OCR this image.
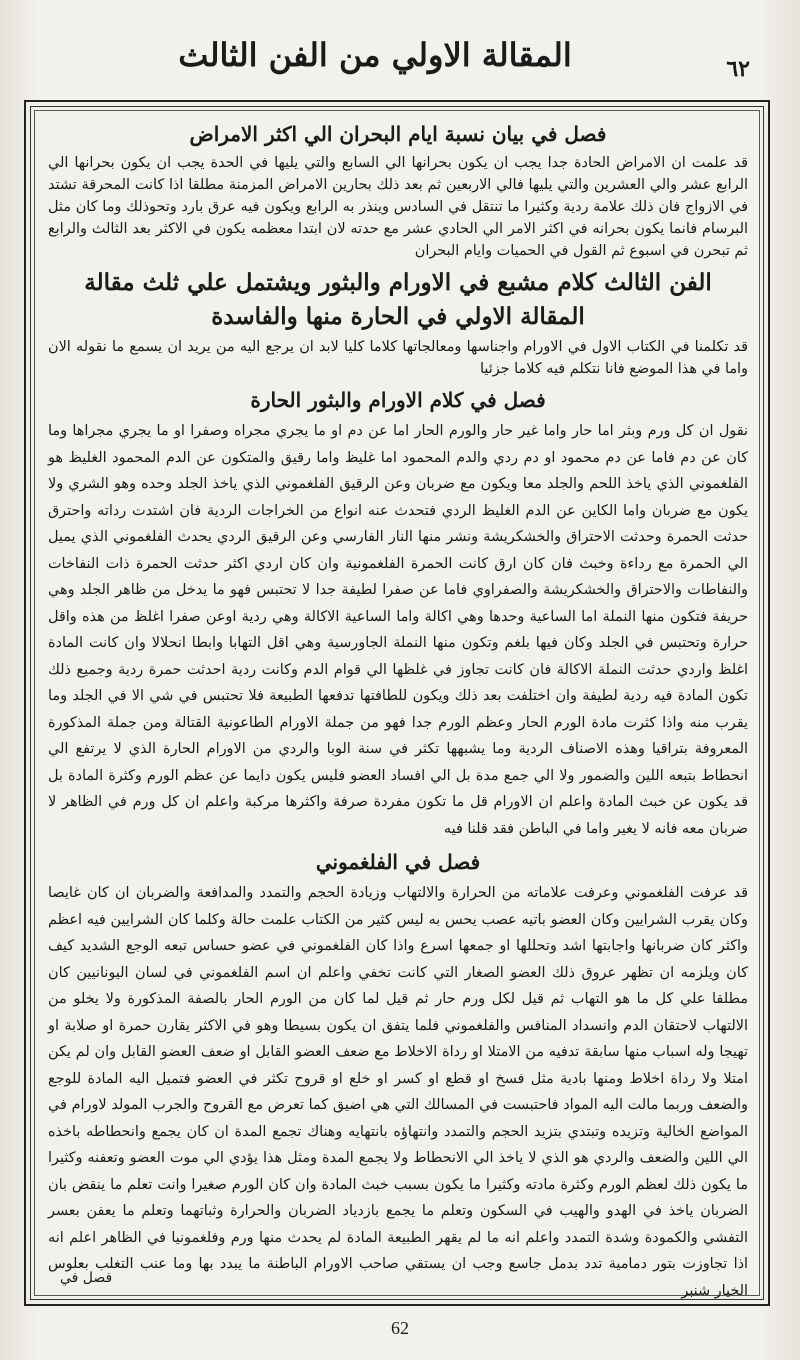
المقالة الاولي من الفن الثالث	٦٢
فصل في بيان نسبة ايام البحران الي اكثر الامراض

قد علمت ان الامراض الحادة جدا يجب ان يكون بحرانها الي السابع والتي يليها في الحدة يجب ان يكون بحرانها الي الرابع عشر والي العشرين والتي يليها فالي الاربعين ثم بعد ذلك بحارين الامراض المزمنة مطلقا اذا كانت المحرقة تشتد في الازواج فان ذلك علامة ردية وكثيرا ما تنتقل في السادس وينذر به الرابع ويكون فيه عرق بارد وتحوذلك وما كان مثل البرسام فانما يكون بحرانه في اكثر الامر الي الحادي عشر مع حدته لان ابتدا معظمه يكون في الاكثر بعد الثالث والرابع ثم تبحرن في اسبوع ثم القول في الحميات وايام البحران

الفن الثالث كلام مشبع في الاورام والبثور ويشتمل علي ثلث مقالة
المقالة الاولي في الحارة منها والفاسدة

قد تكلمنا في الكتاب الاول في الاورام واجناسها ومعالجاتها كلاما كليا لابد ان يرجع اليه من يريد ان يسمع ما نقوله الان واما في هذا الموضع فانا نتكلم فيه كلاما جزئيا

فصل في كلام الاورام والبثور الحارة

نقول ان كل ورم وبثر اما حار واما غير حار والورم الحار اما عن دم او ما يجري مجراه وصفرا او ما يجري مجراها وما كان عن دم فاما عن دم محمود او دم ردي والدم المحمود اما غليظ واما رقيق والمتكون عن الدم المحمود الغليظ هو الفلغموني الذي ياخذ اللحم والجلد معا ويكون مع ضربان وعن الرقيق الفلغموني الذي ياخذ الجلد وحده وهو الشري ولا يكون مع ضربان واما الكاين عن الدم الغليظ الردي فتحدث عنه انواع من الخراجات الردية فان اشتدت رداته واحترق حدثت الحمرة وحدثت الاحتراق والخشكريشة ونشر منها النار الفارسي وعن الرقيق الردي يحدث الفلغموني الذي يميل الي الحمرة مع رداءة وخبث فان كان ارق كانت الحمرة الفلغمونية وان كان اردي اكثر حدثت الحمرة ذات النفاخات والنفاطات والاحتراق والخشكريشة والصفراوي فاما عن صفرا لطيفة جدا لا تحتبس فهو ما يدخل من ظاهر الجلد وهي حريفة فتكون منها النملة اما الساعية وحدها وهي اكالة واما الساعية الاكالة وهي ردية اوعن صفرا اغلظ من هذه واقل حرارة وتحتبس في الجلد وكان فيها بلغم وتكون منها النملة الجاورسية وهي اقل التهابا وابطا انحلالا وان كانت المادة اغلظ واردي حدثت النملة الاكالة فان كانت تجاوز في غلظها الي قوام الدم وكانت ردية احدثت حمرة ردية وجميع ذلك تكون المادة فيه ردية لطيفة وان اختلفت بعد ذلك ويكون للطافتها تدفعها الطبيعة فلا تحتبس في شي الا في الجلد وما يقرب منه واذا كثرت مادة الورم الحار وعظم الورم جدا فهو من جملة الاورام الطاعونية القتالة ومن جملة المذكورة المعروفة بتراقيا وهذه الاصناف الردية وما يشبهها تكثر في سنة الوبا والردي من الاورام الحارة الذي لا يرتفع الي انحطاط بتبعه اللين والضمور ولا الي جمع مدة بل الي افساد العضو فليس يكون دايما عن عظم الورم وكثرة المادة بل قد يكون عن خبث المادة واعلم ان الاورام قل ما تكون مفردة صرفة واكثرها مركبة واعلم ان كل ورم في الظاهر لا ضربان معه فانه لا يغير واما في الباطن فقد قلنا فيه

فصل في الفلغموني

قد عرفت الفلغموني وعرفت علاماته من الحرارة والالتهاب وزيادة الحجم والتمدد والمدافعة والضربان ان كان غايصا وكان يقرب الشرايين وكان العضو باتيه عصب يحس به ليس كثير من الكتاب علمت حالة وكلما كان الشرايين فيه اعظم واكثر كان ضربانها واجابتها اشد وتحللها او جمعها اسرع واذا كان الفلغموني في عضو حساس تبعه الوجع الشديد كيف كان ويلزمه ان تظهر عروق ذلك العضو الصغار التي كانت تخفي واعلم ان اسم الفلغموني في لسان اليونانيين كان مطلقا علي كل ما هو التهاب ثم قيل لكل ورم حار ثم قيل لما كان من الورم الحار بالصفة المذكورة ولا يخلو من الالتهاب لاحتقان الدم وانسداد المنافس والفلغموني فلما يتفق ان يكون بسيطا وهو في الاكثر يقارن حمرة او صلابة او تهيجا وله اسباب منها سابقة تدفيه من الامتلا او رداة الاخلاط مع ضعف العضو القابل او ضعف العضو القابل وان لم يكن امتلا ولا رداة اخلاط ومنها بادية مثل فسخ او قطع او كسر او خلع او قروح تكثر في العضو فتميل اليه المادة للوجع والضعف وربما مالت اليه المواد فاحتبست في المسالك التي هي اضيق كما تعرض مع القروح والجرب المولد لاورام في المواضع الخالية وتزيده وتبتدي بتزيد الحجم والتمدد وانتهاؤه بانتهايه وهناك تجمع المدة ان كان يجمع وانحطاطه باخذه الي اللين والضعف والردي هو الذي لا ياخذ الي الانحطاط ولا يجمع المدة ومثل هذا يؤدي الي موت العضو وتعفنه وكثيرا ما يكون ذلك لعظم الورم وكثرة مادته وكثيرا ما يكون بسبب خبث المادة وان كان الورم صغيرا وانت تعلم ما ينقض بان الضربان ياخذ في الهدو والهيب في السكون وتعلم ما يجمع بازدياد الضربان والحرارة وثباتهما وتعلم ما يعفن بعسر التفشي والكمودة وشدة التمدد واعلم انه ما لم يقهر الطبيعة المادة لم يحدث منها ورم وفلغمونيا في الظاهر اعلم انه اذا تجاوزت بتور دمامية تدد بدمل جاسع وجب ان يستقي صاحب الاورام الباطنة ما يبدد بها وما عنب التغلب بعلوس الخيار شنبر

فصل في
62
